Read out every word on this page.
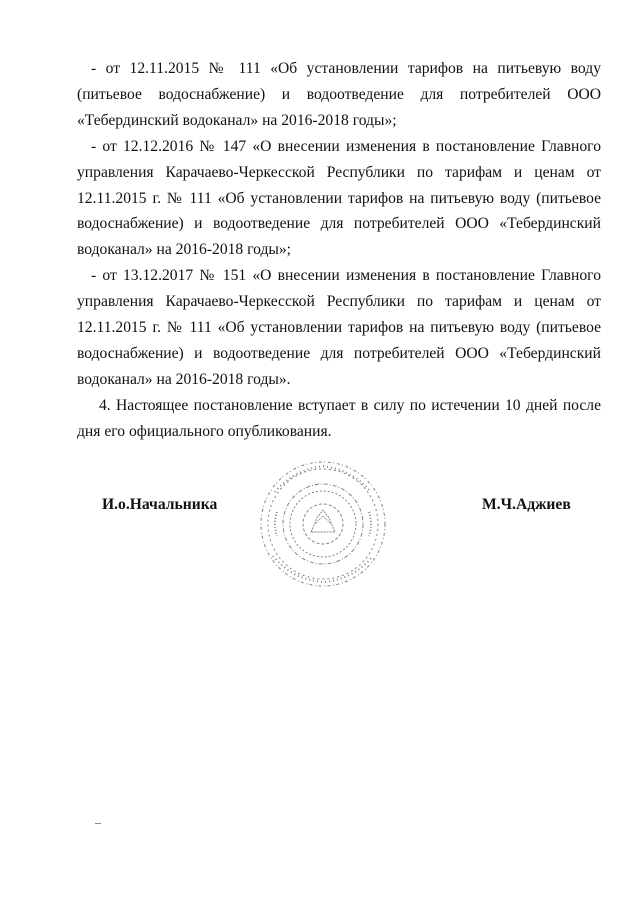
- от 12.11.2015 № 111 «Об установлении тарифов на питьевую воду (питьевое водоснабжение) и водоотведение для потребителей ООО «Тебердинский водоканал» на 2016-2018 годы»;

- от 12.12.2016 № 147 «О внесении изменения в постановление Главного управления Карачаево-Черкесской Республики по тарифам и ценам от 12.11.2015 г. № 111 «Об установлении тарифов на питьевую воду (питьевое водоснабжение) и водоотведение для потребителей ООО «Тебердинский водоканал» на 2016-2018 годы»;

- от 13.12.2017 № 151 «О внесении изменения в постановление Главного управления Карачаево-Черкесской Республики по тарифам и ценам от 12.11.2015 г. № 111 «Об установлении тарифов на питьевую воду (питьевое водоснабжение) и водоотведение для потребителей ООО «Тебердинский водоканал» на 2016-2018 годы».

4. Настоящее постановление вступает в силу по истечении 10 дней после дня его официального опубликования.

И.о.Начальника	М.Ч.Аджиев
